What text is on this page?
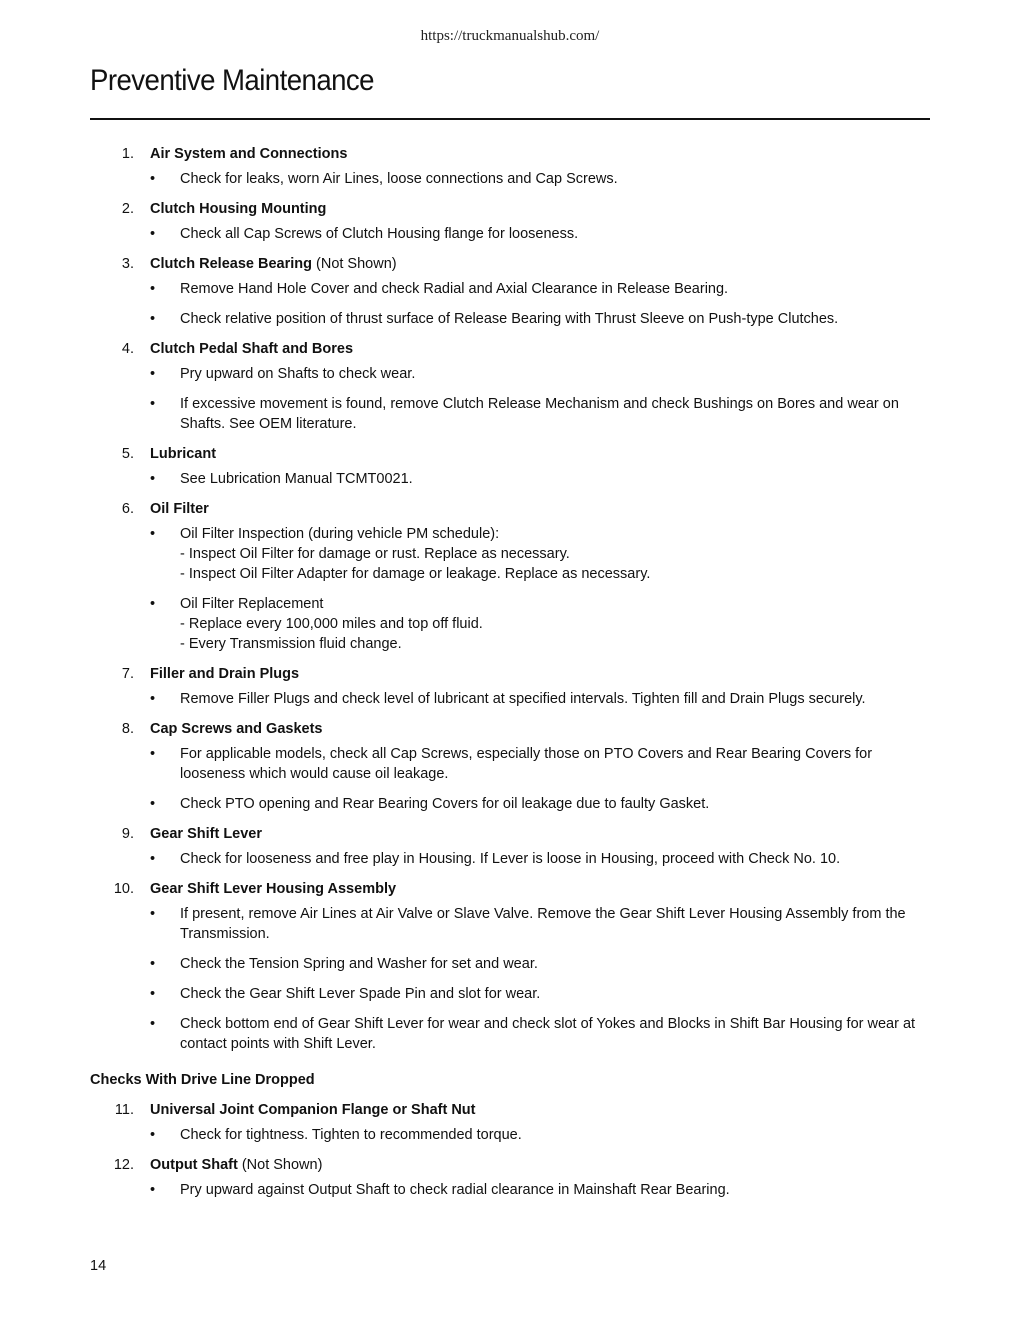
https://truckmanualshub.com/
Preventive Maintenance
1. Air System and Connections
• Check for leaks, worn Air Lines, loose connections and Cap Screws.
2. Clutch Housing Mounting
• Check all Cap Screws of Clutch Housing flange for looseness.
3. Clutch Release Bearing (Not Shown)
• Remove Hand Hole Cover and check Radial and Axial Clearance in Release Bearing.
• Check relative position of thrust surface of Release Bearing with Thrust Sleeve on Push-type Clutches.
4. Clutch Pedal Shaft and Bores
• Pry upward on Shafts to check wear.
• If excessive movement is found, remove Clutch Release Mechanism and check Bushings on Bores and wear on Shafts. See OEM literature.
5. Lubricant
• See Lubrication Manual TCMT0021.
6. Oil Filter
• Oil Filter Inspection (during vehicle PM schedule):
- Inspect Oil Filter for damage or rust. Replace as necessary.
- Inspect Oil Filter Adapter for damage or leakage. Replace as necessary.
• Oil Filter Replacement
- Replace every 100,000 miles and top off fluid.
- Every Transmission fluid change.
7. Filler and Drain Plugs
• Remove Filler Plugs and check level of lubricant at specified intervals. Tighten fill and Drain Plugs securely.
8. Cap Screws and Gaskets
• For applicable models, check all Cap Screws, especially those on PTO Covers and Rear Bearing Covers for looseness which would cause oil leakage.
• Check PTO opening and Rear Bearing Covers for oil leakage due to faulty Gasket.
9. Gear Shift Lever
• Check for looseness and free play in Housing. If Lever is loose in Housing, proceed with Check No. 10.
10. Gear Shift Lever Housing Assembly
• If present, remove Air Lines at Air Valve or Slave Valve. Remove the Gear Shift Lever Housing Assembly from the Transmission.
• Check the Tension Spring and Washer for set and wear.
• Check the Gear Shift Lever Spade Pin and slot for wear.
• Check bottom end of Gear Shift Lever for wear and check slot of Yokes and Blocks in Shift Bar Housing for wear at contact points with Shift Lever.
Checks With Drive Line Dropped
11. Universal Joint Companion Flange or Shaft Nut
• Check for tightness. Tighten to recommended torque.
12. Output Shaft (Not Shown)
• Pry upward against Output Shaft to check radial clearance in Mainshaft Rear Bearing.
14
